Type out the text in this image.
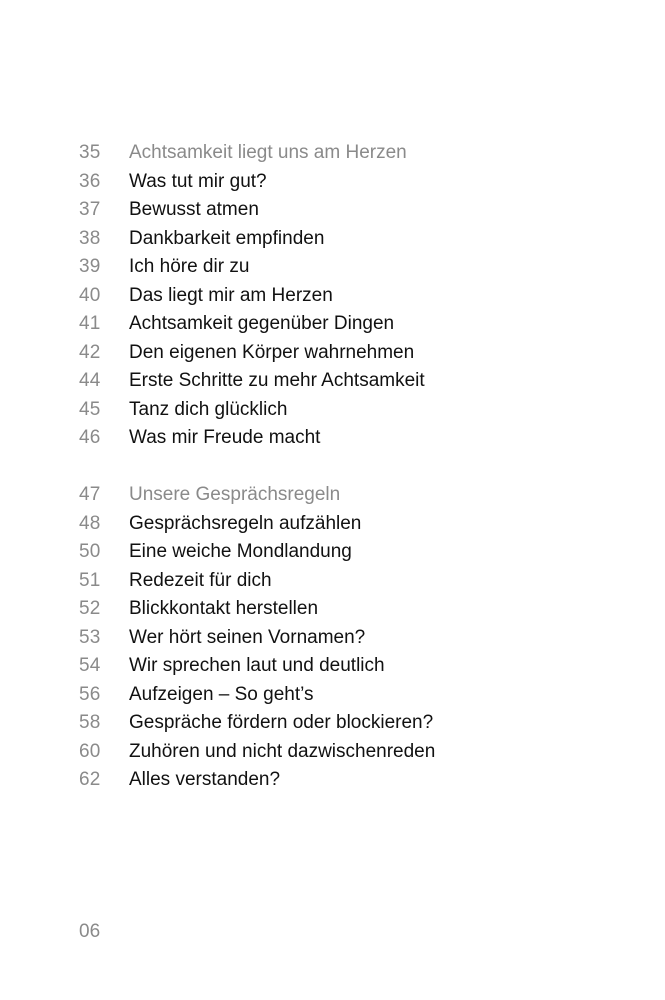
35 Achtsamkeit liegt uns am Herzen
36 Was tut mir gut?
37 Bewusst atmen
38 Dankbarkeit empfinden
39 Ich höre dir zu
40 Das liegt mir am Herzen
41 Achtsamkeit gegenüber Dingen
42 Den eigenen Körper wahrnehmen
44 Erste Schritte zu mehr Achtsamkeit
45 Tanz dich glücklich
46 Was mir Freude macht
47 Unsere Gesprächsregeln
48 Gesprächsregeln aufzählen
50 Eine weiche Mondlandung
51 Redezeit für dich
52 Blickkontakt herstellen
53 Wer hört seinen Vornamen?
54 Wir sprechen laut und deutlich
56 Aufzeigen – So geht’s
58 Gespräche fördern oder blockieren?
60 Zuhören und nicht dazwischenreden
62 Alles verstanden?
06
